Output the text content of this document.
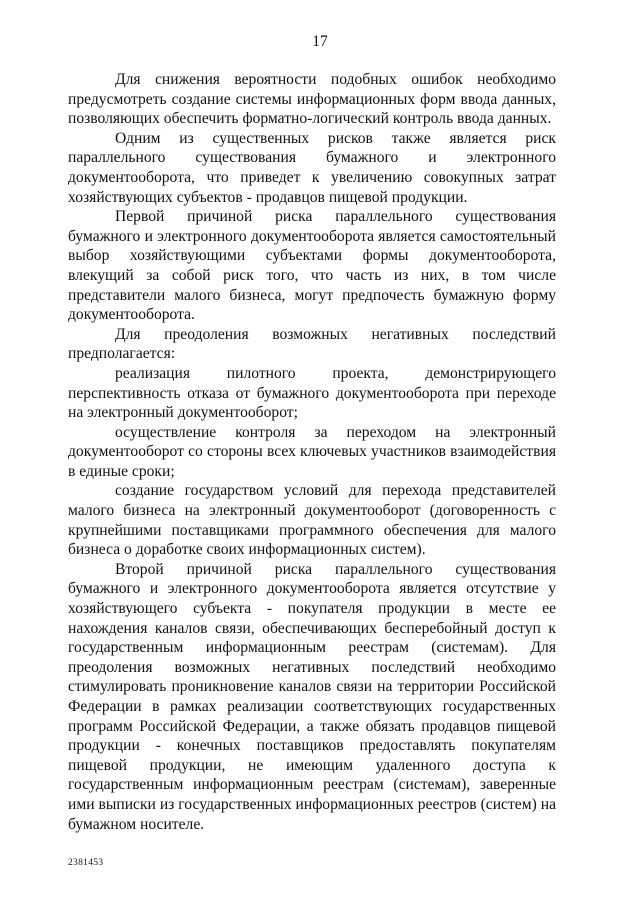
17

Для снижения вероятности подобных ошибок необходимо предусмотреть создание системы информационных форм ввода данных, позволяющих обеспечить форматно-логический контроль ввода данных.

Одним из существенных рисков также является риск параллельного существования бумажного и электронного документооборота, что приведет к увеличению совокупных затрат хозяйствующих субъектов - продавцов пищевой продукции.

Первой причиной риска параллельного существования бумажного и электронного документооборота является самостоятельный выбор хозяйствующими субъектами формы документооборота, влекущий за собой риск того, что часть из них, в том числе представители малого бизнеса, могут предпочесть бумажную форму документооборота.

Для преодоления возможных негативных последствий предполагается:

реализация пилотного проекта, демонстрирующего перспективность отказа от бумажного документооборота при переходе на электронный документооборот;

осуществление контроля за переходом на электронный документооборот со стороны всех ключевых участников взаимодействия в единые сроки;

создание государством условий для перехода представителей малого бизнеса на электронный документооборот (договоренность с крупнейшими поставщиками программного обеспечения для малого бизнеса о доработке своих информационных систем).

Второй причиной риска параллельного существования бумажного и электронного документооборота является отсутствие у хозяйствующего субъекта - покупателя продукции в месте ее нахождения каналов связи, обеспечивающих бесперебойный доступ к государственным информационным реестрам (системам). Для преодоления возможных негативных последствий необходимо стимулировать проникновение каналов связи на территории Российской Федерации в рамках реализации соответствующих государственных программ Российской Федерации, а также обязать продавцов пищевой продукции - конечных поставщиков предоставлять покупателям пищевой продукции, не имеющим удаленного доступа к государственным информационным реестрам (системам), заверенные ими выписки из государственных информационных реестров (систем) на бумажном носителе.

2381453
